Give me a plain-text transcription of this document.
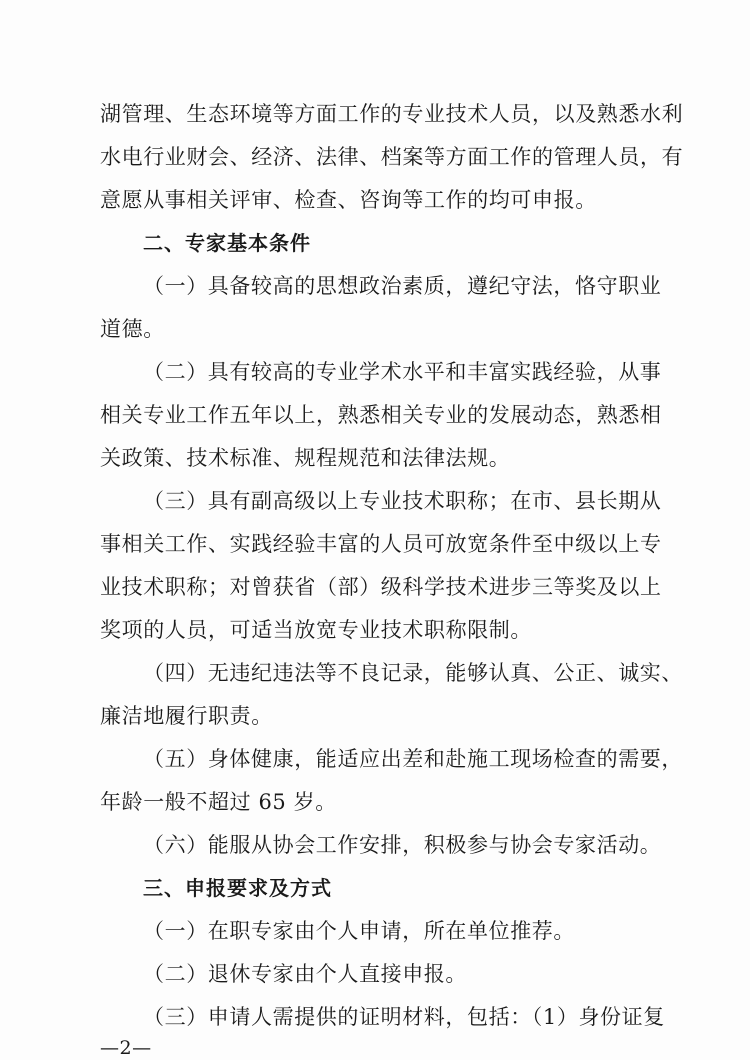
湖管理、生态环境等方面工作的专业技术人员，以及熟悉水利
水电行业财会、经济、法律、档案等方面工作的管理人员，有
意愿从事相关评审、检查、咨询等工作的均可申报。
二、专家基本条件
（一）具备较高的思想政治素质，遵纪守法，恪守职业
道德。
（二）具有较高的专业学术水平和丰富实践经验，从事
相关专业工作五年以上，熟悉相关专业的发展动态，熟悉相
关政策、技术标准、规程规范和法律法规。
（三）具有副高级以上专业技术职称；在市、县长期从
事相关工作、实践经验丰富的人员可放宽条件至中级以上专
业技术职称；对曾获省（部）级科学技术进步三等奖及以上
奖项的人员，可适当放宽专业技术职称限制。
（四）无违纪违法等不良记录，能够认真、公正、诚实、
廉洁地履行职责。
（五）身体健康，能适应出差和赴施工现场检查的需要，
年龄一般不超过 65 岁。
（六）能服从协会工作安排，积极参与协会专家活动。
三、申报要求及方式
（一）在职专家由个人申请，所在单位推荐。
（二）退休专家由个人直接申报。
（三）申请人需提供的证明材料，包括：（1）身份证复
—2—
